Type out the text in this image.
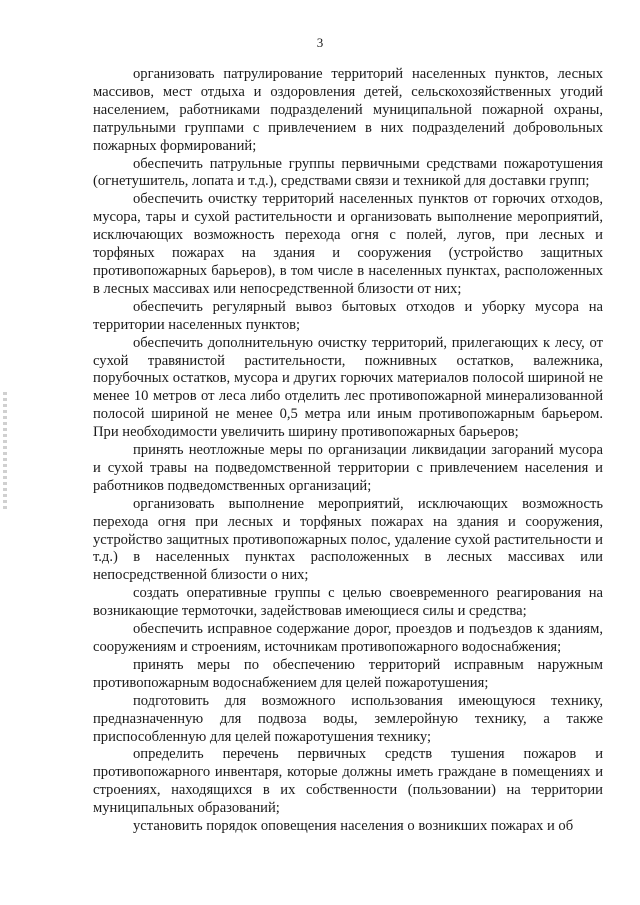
3

организовать патрулирование территорий населенных пунктов, лесных массивов, мест отдыха и оздоровления детей, сельскохозяйственных угодий населением, работниками подразделений муниципальной пожарной охраны, патрульными группами с привлечением в них подразделений добровольных пожарных формирований;

обеспечить патрульные группы первичными средствами пожаротушения (огнетушитель, лопата и т.д.), средствами связи и техникой для доставки групп;

обеспечить очистку территорий населенных пунктов от горючих отходов, мусора, тары и сухой растительности и организовать выполнение мероприятий, исключающих возможность перехода огня с полей, лугов, при лесных и торфяных пожарах на здания и сооружения (устройство защитных противопожарных барьеров), в том числе в населенных пунктах, расположенных в лесных массивах или непосредственной близости от них;

обеспечить регулярный вывоз бытовых отходов и уборку мусора на территории населенных пунктов;

обеспечить дополнительную очистку территорий, прилегающих к лесу, от сухой травянистой растительности, пожнивных остатков, валежника, порубочных остатков, мусора и других горючих материалов полосой шириной не менее 10 метров от леса либо отделить лес противопожарной минерализованной полосой шириной не менее 0,5 метра или иным противопожарным барьером. При необходимости увеличить ширину противопожарных барьеров;

принять неотложные меры по организации ликвидации загораний мусора и сухой травы на подведомственной территории с привлечением населения и работников подведомственных организаций;

организовать выполнение мероприятий, исключающих возможность перехода огня при лесных и торфяных пожарах на здания и сооружения, устройство защитных противопожарных полос, удаление сухой растительности и т.д.) в населенных пунктах расположенных в лесных массивах или непосредственной близости о них;

создать оперативные группы с целью своевременного реагирования на возникающие термоточки, задействовав имеющиеся силы и средства;

обеспечить исправное содержание дорог, проездов и подъездов к зданиям, сооружениям и строениям, источникам противопожарного водоснабжения;

принять меры по обеспечению территорий исправным наружным противопожарным водоснабжением для целей пожаротушения;

подготовить для возможного использования имеющуюся технику, предназначенную для подвоза воды, землеройную технику, а также приспособленную для целей пожаротушения технику;

определить перечень первичных средств тушения пожаров и противопожарного инвентаря, которые должны иметь граждане в помещениях и строениях, находящихся в их собственности (пользовании) на территории муниципальных образований;

установить порядок оповещения населения о возникших пожарах и об
